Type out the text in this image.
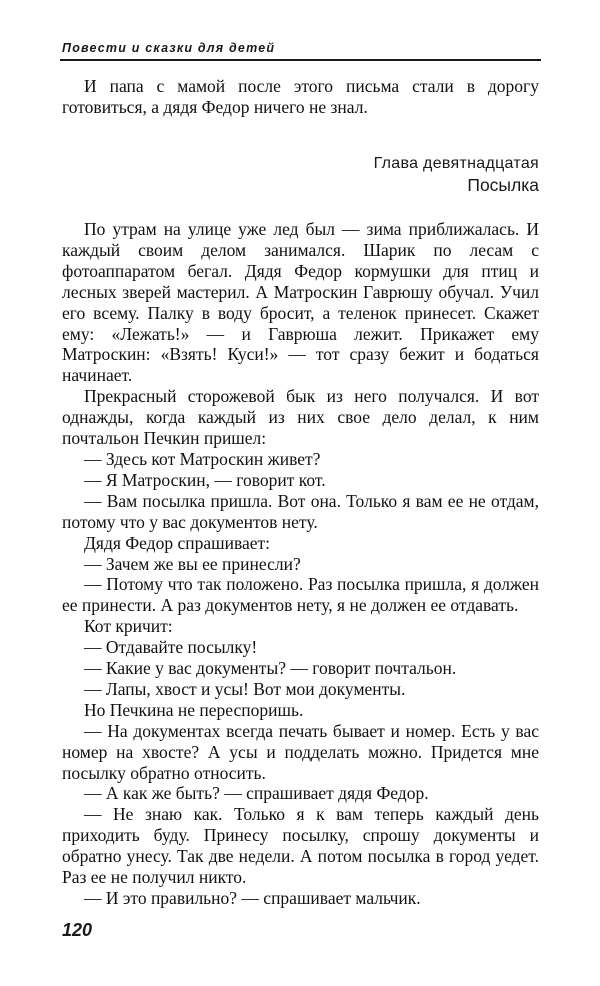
Повести и сказки для детей

И папа с мамой после этого письма стали в дорогу готовиться, а дядя Федор ничего не знал.

Глава девятнадцатая
Посылка

По утрам на улице уже лед был — зима приближалась. И каждый своим делом занимался. Шарик по лесам с фотоаппаратом бегал. Дядя Федор кормушки для птиц и лесных зверей мастерил. А Матроскин Гаврюшу обучал. Учил его всему. Палку в воду бросит, а теленок принесет. Скажет ему: «Лежать!» — и Гаврюша лежит. Прикажет ему Матроскин: «Взять! Куси!» — тот сразу бежит и бодаться начинает.

Прекрасный сторожевой бык из него получался. И вот однажды, когда каждый из них свое дело делал, к ним почтальон Печкин пришел:

— Здесь кот Матроскин живет?

— Я Матроскин, — говорит кот.

— Вам посылка пришла. Вот она. Только я вам ее не отдам, потому что у вас документов нету.

Дядя Федор спрашивает:

— Зачем же вы ее принесли?

— Потому что так положено. Раз посылка пришла, я должен ее принести. А раз документов нету, я не должен ее отдавать.

Кот кричит:

— Отдавайте посылку!

— Какие у вас документы? — говорит почтальон.

— Лапы, хвост и усы! Вот мои документы.

Но Печкина не переспоришь.

— На документах всегда печать бывает и номер. Есть у вас номер на хвосте? А усы и подделать можно. Придется мне посылку обратно относить.

— А как же быть? — спрашивает дядя Федор.

— Не знаю как. Только я к вам теперь каждый день приходить буду. Принесу посылку, спрошу документы и обратно унесу. Так две недели. А потом посылка в город уедет. Раз ее не получил никто.

— И это правильно? — спрашивает мальчик.

120
